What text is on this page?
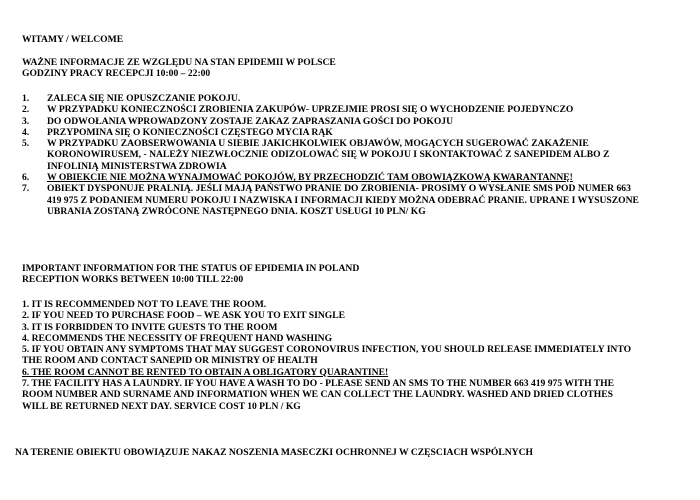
WITAMY / WELCOME
WAŻNE INFORMACJE ZE WZGLĘDU NA STAN EPIDEMII W POLSCE
GODZINY PRACY RECEPCJI 10:00 – 22:00
1. ZALECA SIĘ NIE OPUSZCZANIE POKOJU.
2. W PRZYPADKU KONIECZNOŚCI ZROBIENIA ZAKUPÓW- UPRZEJMIE PROSI SIĘ O WYCHODZENIE POJEDYNCZO
3. DO ODWOŁANIA WPROWADZONY ZOSTAJE ZAKAZ ZAPRASZANIA GOŚCI DO POKOJU
4. PRZYPOMINA SIĘ O KONIECZNOŚCI CZĘSTEGO MYCIA RĄK
5. W PRZYPADKU ZAOBSERWOWANIA U SIEBIE JAKICHKOLWIEK OBJAWÓW, MOGĄCYCH SUGEROWAĆ ZAKAŻENIE
KORONOWIRUSEM, - NALEŻY NIEZWŁOCZNIE ODIZOLOWAĆ SIĘ W POKOJU I SKONTAKTOWAĆ Z SANEPIDEM ALBO Z
INFOLINIĄ MINISTERSTWA ZDROWIA
6. W OBIEKCIE NIE MOŻNA WYNAJMOWAĆ POKOJÓW, BY PRZECHODZIĆ TAM OBOWIĄZKOWĄ KWARANTANNĘ!
7. OBIEKT DYSPONUJE PRALNIĄ. JEŚLI MAJĄ PAŃSTWO PRANIE DO ZROBIENIA- PROSIMY O WYSŁANIE SMS POD NUMER 663
419 975 Z PODANIEM NUMERU POKOJU I NAZWISKA I INFORMACJI KIEDY MOŻNA ODEBRAĆ PRANIE. UPRANE I WYSUSZONE
UBRANIA ZOSTANĄ ZWRÓCONE NASTĘPNEGO DNIA. KOSZT USŁUGI 10 PLN/ KG
IMPORTANT INFORMATION FOR THE STATUS OF EPIDEMIA IN POLAND
RECEPTION WORKS BETWEEN 10:00 TILL 22:00
1. IT IS RECOMMENDED NOT TO LEAVE THE ROOM.
2. IF YOU NEED TO PURCHASE FOOD – WE ASK YOU TO EXIT SINGLE
3. IT IS FORBIDDEN TO INVITE GUESTS TO THE ROOM
4. RECOMMENDS THE NECESSITY OF FREQUENT HAND WASHING
5. IF YOU OBTAIN ANY SYMPTOMS THAT MAY SUGGEST CORONOVIRUS INFECTION, YOU SHOULD RELEASE IMMEDIATELY INTO
THE ROOM AND CONTACT SANEPID OR MINISTRY OF HEALTH
6. THE ROOM CANNOT BE RENTED TO OBTAIN A OBLIGATORY QUARANTINE!
7. THE FACILITY HAS A LAUNDRY. IF YOU HAVE A WASH TO DO - PLEASE SEND AN SMS TO THE NUMBER 663 419 975 WITH THE
ROOM NUMBER AND SURNAME AND INFORMATION WHEN WE CAN COLLECT THE LAUNDRY. WASHED AND DRIED CLOTHES
WILL BE RETURNED NEXT DAY. SERVICE COST 10 PLN / KG
NA TERENIE OBIEKTU OBOWIĄZUJE NAKAZ NOSZENIA MASECZKI OCHRONNEJ W CZĘSCIACH WSPÓLNYCH
